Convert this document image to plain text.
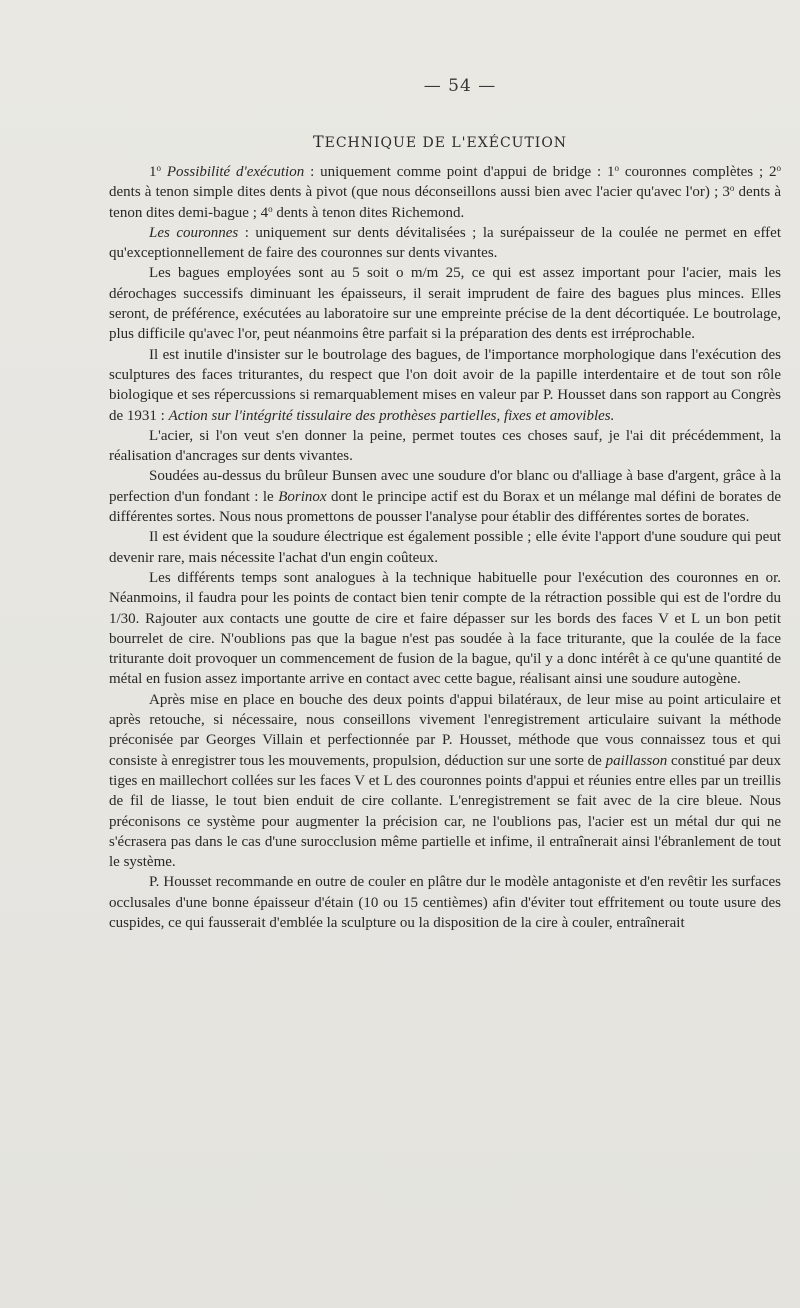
— 54 —
TECHNIQUE DE L'EXÉCUTION

1$^o$ Possibilité d'exécution : uniquement comme point d'appui de bridge : 1$^o$ couronnes complètes ; 2$^o$ dents à tenon simple dites dents à pivot (que nous déconseillons aussi bien avec l'acier qu'avec l'or) ; 3$^o$ dents à tenon dites demi-bague ; 4$^o$ dents à tenon dites Richemond.

Les couronnes : uniquement sur dents dévitalisées ; la surépaisseur de la coulée ne permet en effet qu'exceptionnellement de faire des couronnes sur dents vivantes.

Les bagues employées sont au 5 soit o m/m 25, ce qui est assez important pour l'acier, mais les dérochages successifs diminuant les épaisseurs, il serait imprudent de faire des bagues plus minces. Elles seront, de préférence, exécutées au laboratoire sur une empreinte précise de la dent décortiquée. Le boutrolage, plus difficile qu'avec l'or, peut néanmoins être parfait si la préparation des dents est irréprochable.

Il est inutile d'insister sur le boutrolage des bagues, de l'importance morphologique dans l'exécution des sculptures des faces triturantes, du respect que l'on doit avoir de la papille interdentaire et de tout son rôle biologique et ses répercussions si remarquablement mises en valeur par P. Housset dans son rapport au Congrès de 1931 : Action sur l'intégrité tissulaire des prothèses partielles, fixes et amovibles.

L'acier, si l'on veut s'en donner la peine, permet toutes ces choses sauf, je l'ai dit précédemment, la réalisation d'ancrages sur dents vivantes.

Soudées au-dessus du brûleur Bunsen avec une soudure d'or blanc ou d'alliage à base d'argent, grâce à la perfection d'un fondant : le Borinox dont le principe actif est du Borax et un mélange mal défini de borates de différentes sortes. Nous nous promettons de pousser l'analyse pour établir des différentes sortes de borates.

Il est évident que la soudure électrique est également possible ; elle évite l'apport d'une soudure qui peut devenir rare, mais nécessite l'achat d'un engin coûteux.

Les différents temps sont analogues à la technique habituelle pour l'exécution des couronnes en or. Néanmoins, il faudra pour les points de contact bien tenir compte de la rétraction possible qui est de l'ordre du 1/30. Rajouter aux contacts une goutte de cire et faire dépasser sur les bords des faces V et L un bon petit bourrelet de cire. N'oublions pas que la bague n'est pas soudée à la face triturante, que la coulée de la face triturante doit provoquer un commencement de fusion de la bague, qu'il y a donc intérêt à ce qu'une quantité de métal en fusion assez importante arrive en contact avec cette bague, réalisant ainsi une soudure autogène.

Après mise en place en bouche des deux points d'appui bilatéraux, de leur mise au point articulaire et après retouche, si nécessaire, nous conseillons vivement l'enregistrement articulaire suivant la méthode préconisée par Georges Villain et perfectionnée par P. Housset, méthode que vous connaissez tous et qui consiste à enregistrer tous les mouvements, propulsion, déduction sur une sorte de paillasson constitué par deux tiges en maillechort collées sur les faces V et L des couronnes points d'appui et réunies entre elles par un treillis de fil de liasse, le tout bien enduit de cire collante. L'enregistrement se fait avec de la cire bleue. Nous préconisons ce système pour augmenter la précision car, ne l'oublions pas, l'acier est un métal dur qui ne s'écrasera pas dans le cas d'une surocclusion même partielle et infime, il entraînerait ainsi l'ébranlement de tout le système.

P. Housset recommande en outre de couler en plâtre dur le modèle antagoniste et d'en revêtir les surfaces occlusales d'une bonne épaisseur d'étain (10 ou 15 centièmes) afin d'éviter tout effritement ou toute usure des cuspides, ce qui fausserait d'emblée la sculpture ou la disposition de la cire à couler, entraînerait
